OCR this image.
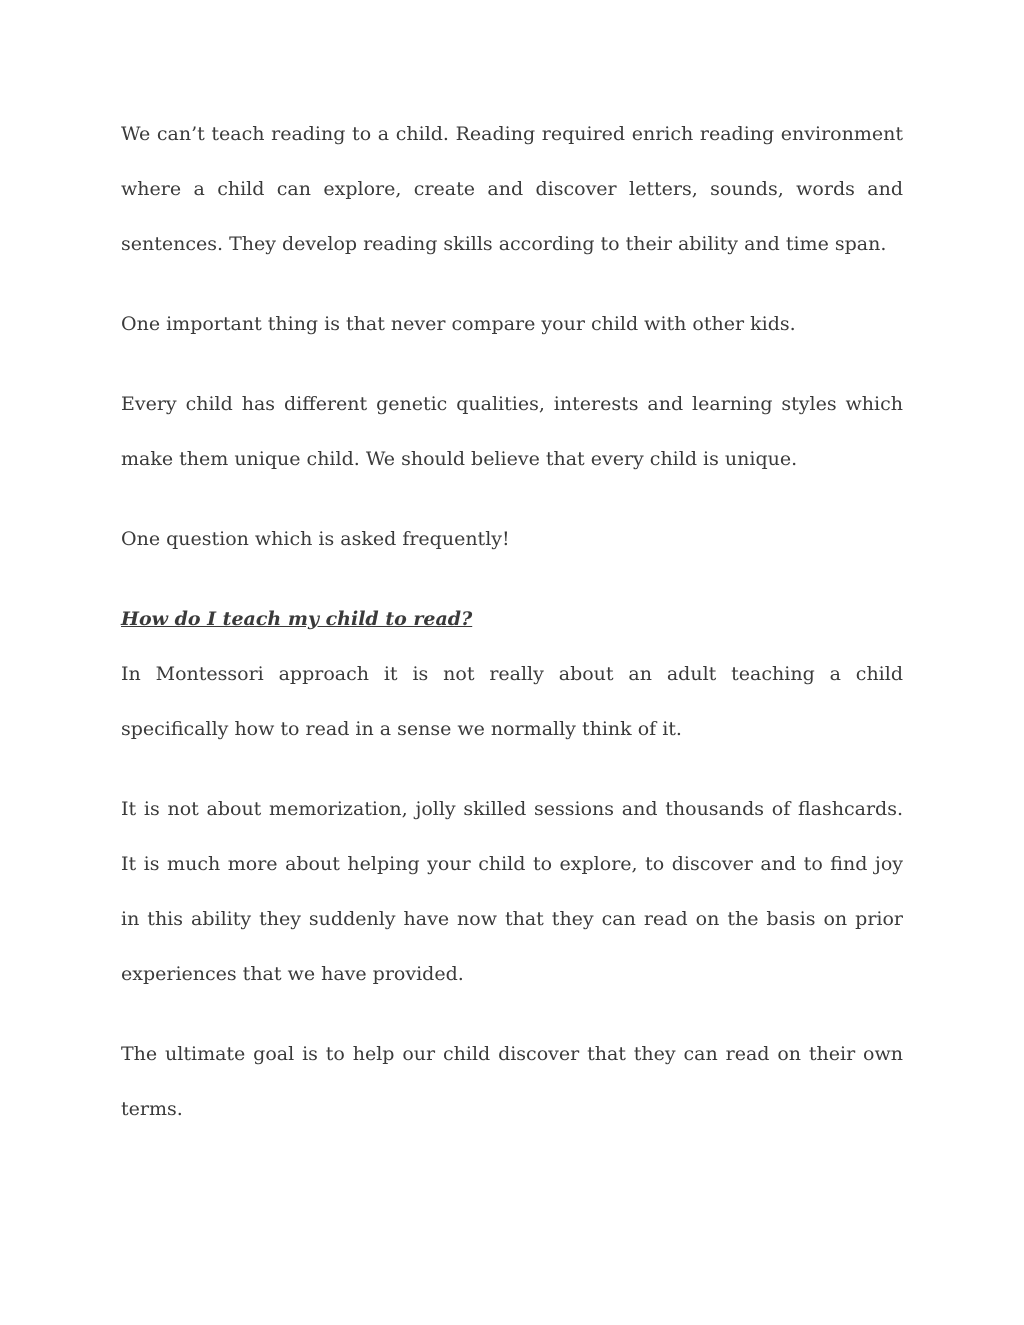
We can’t teach reading to a child. Reading required enrich reading environment where a child can explore, create and discover letters, sounds, words and sentences. They develop reading skills according to their ability and time span.

One important thing is that never compare your child with other kids.

Every child has different genetic qualities, interests and learning styles which make them unique child. We should believe that every child is unique.

One question which is asked frequently!

How do I teach my child to read?

In Montessori approach it is not really about an adult teaching a child specifically how to read in a sense we normally think of it.

It is not about memorization, jolly skilled sessions and thousands of flashcards. It is much more about helping your child to explore, to discover and to find joy in this ability they suddenly have now that they can read on the basis on prior experiences that we have provided.

The ultimate goal is to help our child discover that they can read on their own terms.
